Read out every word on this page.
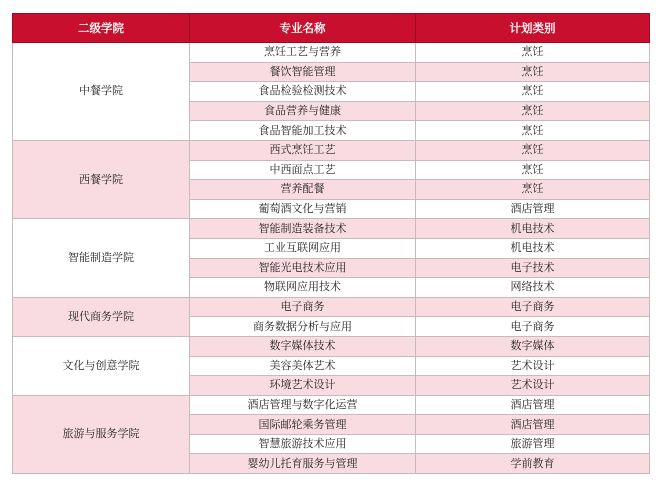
二级学院	专业名称	计划类别
中餐学院	烹饪工艺与营养	烹饪
	餐饮智能管理	烹饪
	食品检验检测技术	烹饪
	食品营养与健康	烹饪
	食品智能加工技术	烹饪
西餐学院	西式烹饪工艺	烹饪
	中西面点工艺	烹饪
	营养配餐	烹饪
	葡萄酒文化与营销	酒店管理
智能制造学院	智能制造装备技术	机电技术
	工业互联网应用	机电技术
	智能光电技术应用	电子技术
	物联网应用技术	网络技术
现代商务学院	电子商务	电子商务
	商务数据分析与应用	电子商务
文化与创意学院	数字媒体技术	数字媒体
	美容美体艺术	艺术设计
	环境艺术设计	艺术设计
旅游与服务学院	酒店管理与数字化运营	酒店管理
	国际邮轮乘务管理	酒店管理
	智慧旅游技术应用	旅游管理
	婴幼儿托育服务与管理	学前教育
